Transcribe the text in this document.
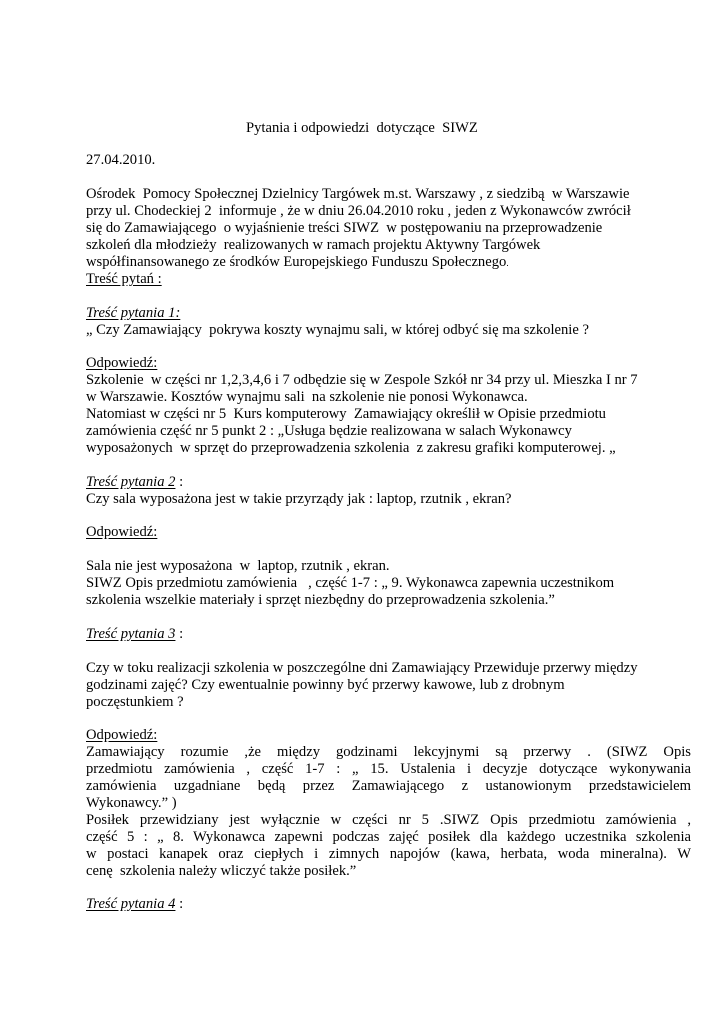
Pytania i odpowiedzi  dotyczące  SIWZ
27.04.2010.
Ośrodek  Pomocy Społecznej Dzielnicy Targówek m.st. Warszawy , z siedzibą  w Warszawie
przy ul. Chodeckiej 2  informuje , że w dniu 26.04.2010 roku , jeden z Wykonawców zwrócił
się do Zamawiającego  o wyjaśnienie treści SIWZ  w postępowaniu na przeprowadzenie
szkoleń dla młodzieży  realizowanych w ramach projektu Aktywny Targówek
współfinansowanego ze środków Europejskiego Funduszu Społecznego.
Treść pytań :
Treść pytania 1:
„ Czy Zamawiający  pokrywa koszty wynajmu sali, w której odbyć się ma szkolenie ?
Odpowiedź:
Szkolenie  w części nr 1,2,3,4,6 i 7 odbędzie się w Zespole Szkół nr 34 przy ul. Mieszka I nr 7
w Warszawie. Kosztów wynajmu sali  na szkolenie nie ponosi Wykonawca.
Natomiast w części nr 5  Kurs komputerowy  Zamawiający określił w Opisie przedmiotu
zamówienia część nr 5 punkt 2 : „Usługa będzie realizowana w salach Wykonawcy
wyposażonych  w sprzęt do przeprowadzenia szkolenia  z zakresu grafiki komputerowej. „
Treść pytania 2 :
Czy sala wyposażona jest w takie przyrządy jak : laptop, rzutnik , ekran?
Odpowiedź:
Sala nie jest wyposażona  w  laptop, rzutnik , ekran.
SIWZ Opis przedmiotu zamówienia   , część 1-7 : „ 9. Wykonawca zapewnia uczestnikom
szkolenia wszelkie materiały i sprzęt niezbędny do przeprowadzenia szkolenia.”
Treść pytania 3 :
Czy w toku realizacji szkolenia w poszczególne dni Zamawiający Przewiduje przerwy między
godzinami zajęć? Czy ewentualnie powinny być przerwy kawowe, lub z drobnym
poczęstunkiem ?
Odpowiedź:
Zamawiający rozumie ,że między godzinami lekcyjnymi są przerwy . (SIWZ Opis
przedmiotu zamówienia , część 1-7 : „ 15. Ustalenia i decyzje dotyczące wykonywania
zamówienia uzgadniane będą przez Zamawiającego z ustanowionym przedstawicielem
Wykonawcy.” )
Posiłek przewidziany jest wyłącznie w części nr 5 .SIWZ Opis przedmiotu zamówienia ,
część 5 : „ 8. Wykonawca zapewni podczas zajęć posiłek dla każdego uczestnika szkolenia
w postaci kanapek oraz ciepłych i zimnych napojów (kawa, herbata, woda mineralna). W
cenę  szkolenia należy wliczyć także posiłek.”
Treść pytania 4 :
